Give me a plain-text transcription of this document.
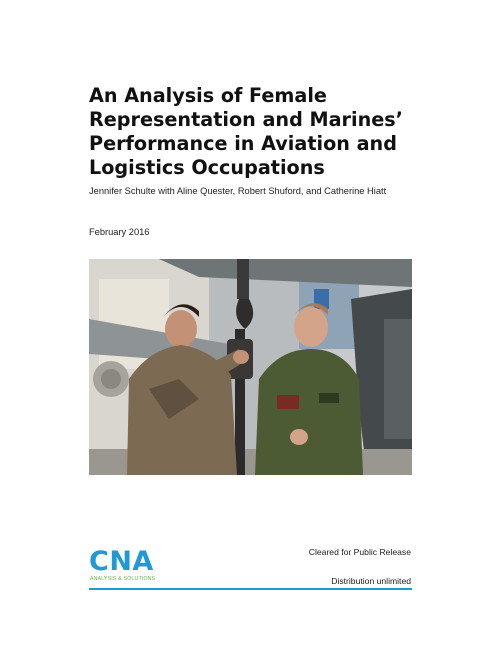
An Analysis of Female
Representation and Marines’
Performance in Aviation and
Logistics Occupations
Jennifer Schulte with Aline Quester, Robert Shuford, and Catherine Hiatt
February 2016
CNA
ANALYSIS & SOLUTIONS
Cleared for Public Release
Distribution unlimited
